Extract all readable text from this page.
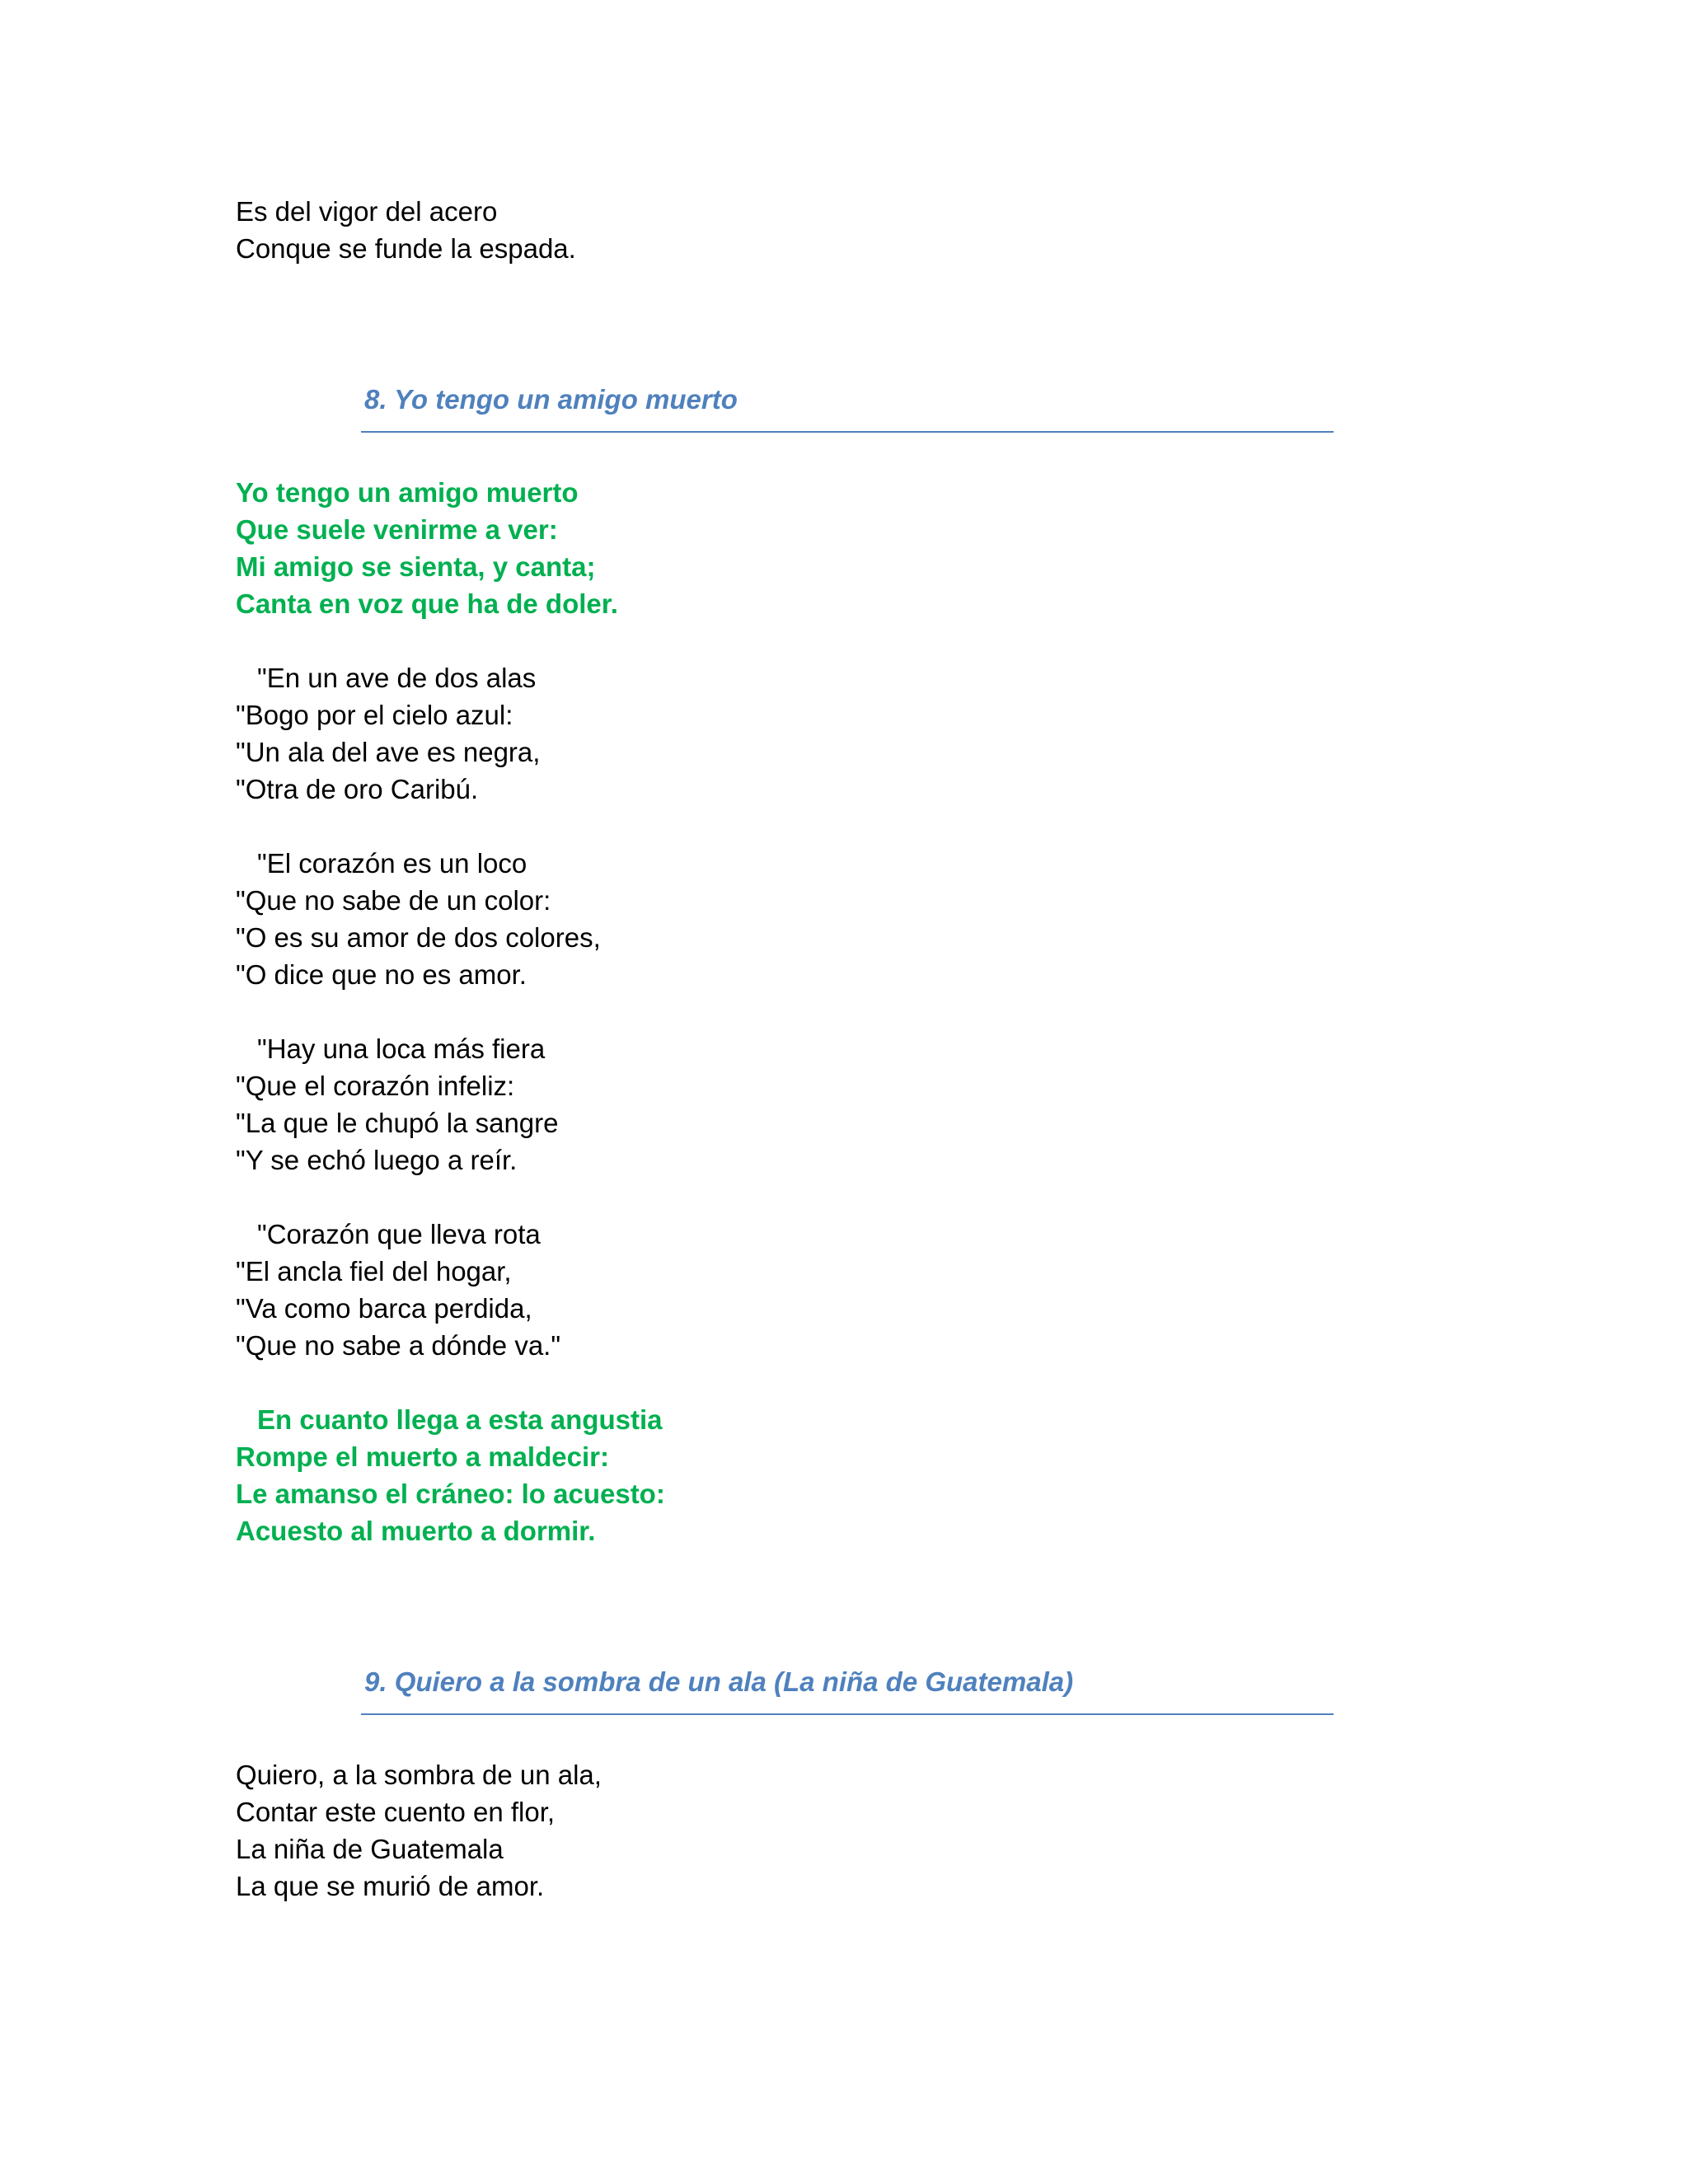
Es del vigor del acero
Conque se funde la espada.
8. Yo tengo un amigo muerto
Yo tengo un amigo muerto
Que suele venirme a ver:
Mi amigo se sienta, y canta;
Canta en voz que ha de doler.
"En un ave de dos alas
"Bogo por el cielo azul:
"Un ala del ave es negra,
"Otra de oro Caribú.
"El corazón es un loco
"Que no sabe de un color:
"O es su amor de dos colores,
"O dice que no es amor.
"Hay una loca más fiera
"Que el corazón infeliz:
"La que le chupó la sangre
"Y se echó luego a reír.
"Corazón que lleva rota
"El ancla fiel del hogar,
"Va como barca perdida,
"Que no sabe a dónde va."
En cuanto llega a esta angustia
Rompe el muerto a maldecir:
Le amanso el cráneo: lo acuesto:
Acuesto al muerto a dormir.
9. Quiero a la sombra de un ala (La niña de Guatemala)
Quiero, a la sombra de un ala,
Contar este cuento en flor,
La niña de Guatemala
La que se murió de amor.
